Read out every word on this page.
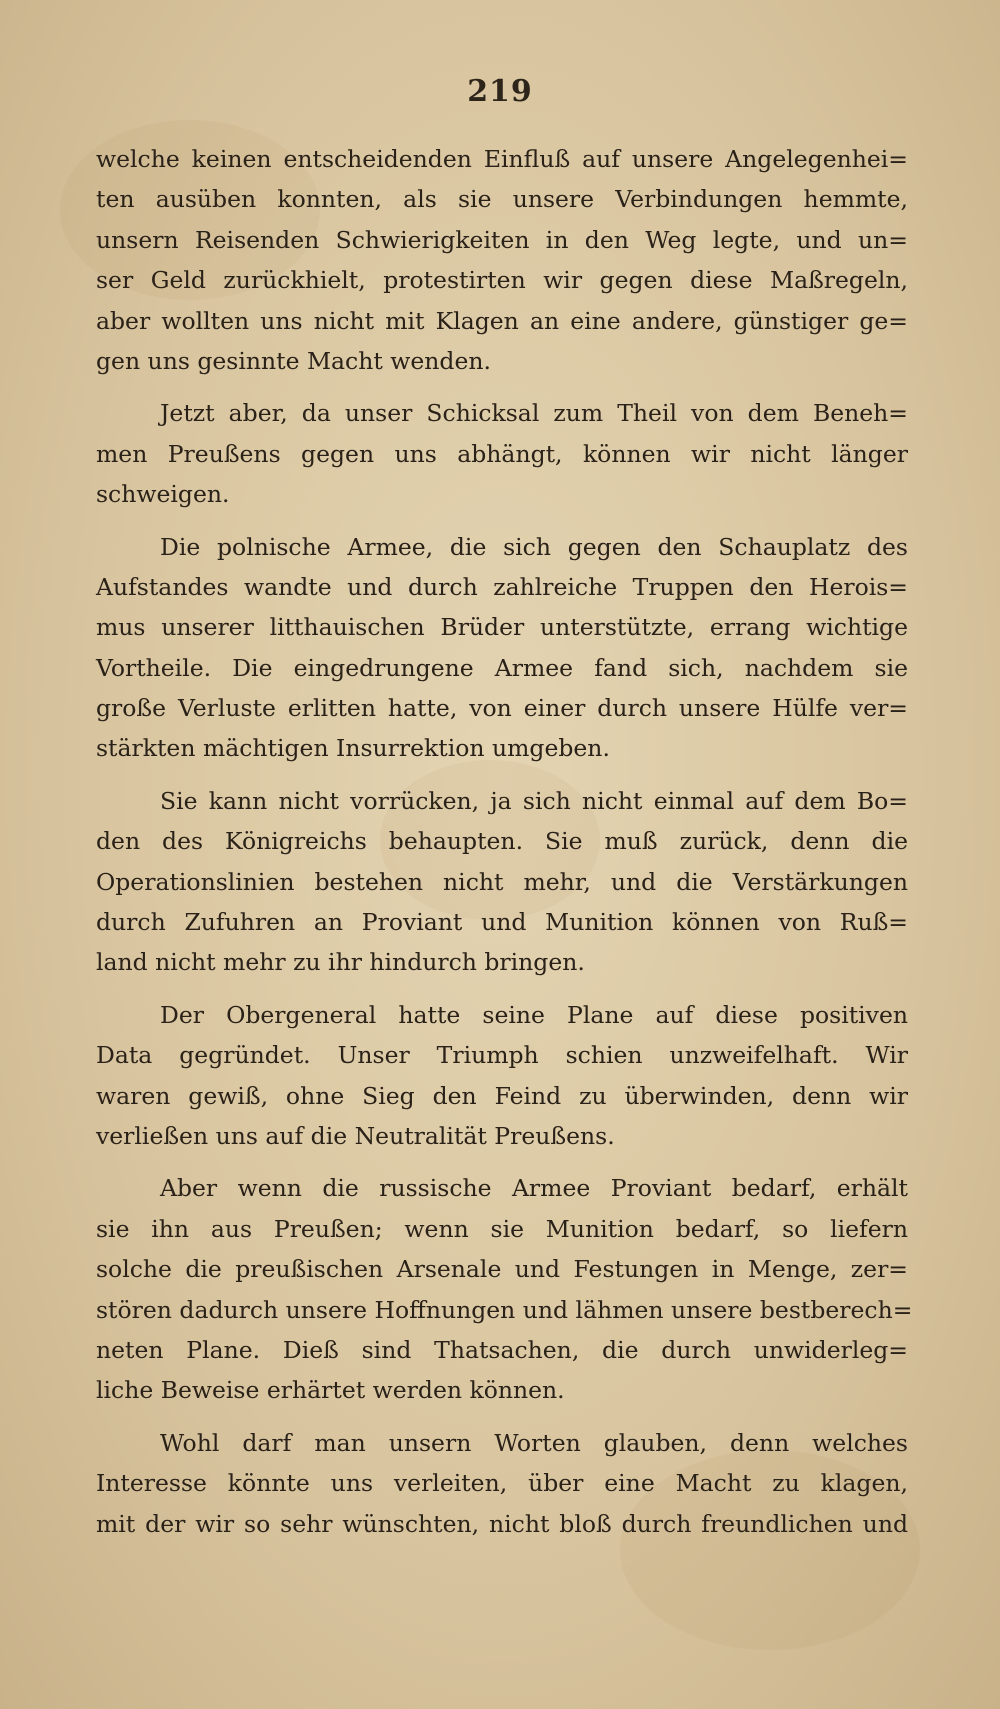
219
welche keinen entscheidenden Einfluß auf unsere Angelegenhei=
ten ausüben konnten, als sie unsere Verbindungen hemmte,
unsern Reisenden Schwierigkeiten in den Weg legte, und un=
ser Geld zurückhielt, protestirten wir gegen diese Maßregeln,
aber wollten uns nicht mit Klagen an eine andere, günstiger ge=
gen uns gesinnte Macht wenden.
Jetzt aber, da unser Schicksal zum Theil von dem Beneh=
men Preußens gegen uns abhängt, können wir nicht länger
schweigen.
Die polnische Armee, die sich gegen den Schauplatz des
Aufstandes wandte und durch zahlreiche Truppen den Herois=
mus unserer litthauischen Brüder unterstützte, errang wichtige
Vortheile. Die eingedrungene Armee fand sich, nachdem sie
große Verluste erlitten hatte, von einer durch unsere Hülfe ver=
stärkten mächtigen Insurrektion umgeben.
Sie kann nicht vorrücken, ja sich nicht einmal auf dem Bo=
den des Königreichs behaupten. Sie muß zurück, denn die
Operationslinien bestehen nicht mehr, und die Verstärkungen
durch Zufuhren an Proviant und Munition können von Ruß=
land nicht mehr zu ihr hindurch bringen.
Der Obergeneral hatte seine Plane auf diese positiven
Data gegründet. Unser Triumph schien unzweifelhaft. Wir
waren gewiß, ohne Sieg den Feind zu überwinden, denn wir
verließen uns auf die Neutralität Preußens.
Aber wenn die russische Armee Proviant bedarf, erhält
sie ihn aus Preußen; wenn sie Munition bedarf, so liefern
solche die preußischen Arsenale und Festungen in Menge, zer=
stören dadurch unsere Hoffnungen und lähmen unsere bestberech=
neten Plane. Dieß sind Thatsachen, die durch unwiderleg=
liche Beweise erhärtet werden können.
Wohl darf man unsern Worten glauben, denn welches
Interesse könnte uns verleiten, über eine Macht zu klagen,
mit der wir so sehr wünschten, nicht bloß durch freundlichen und
